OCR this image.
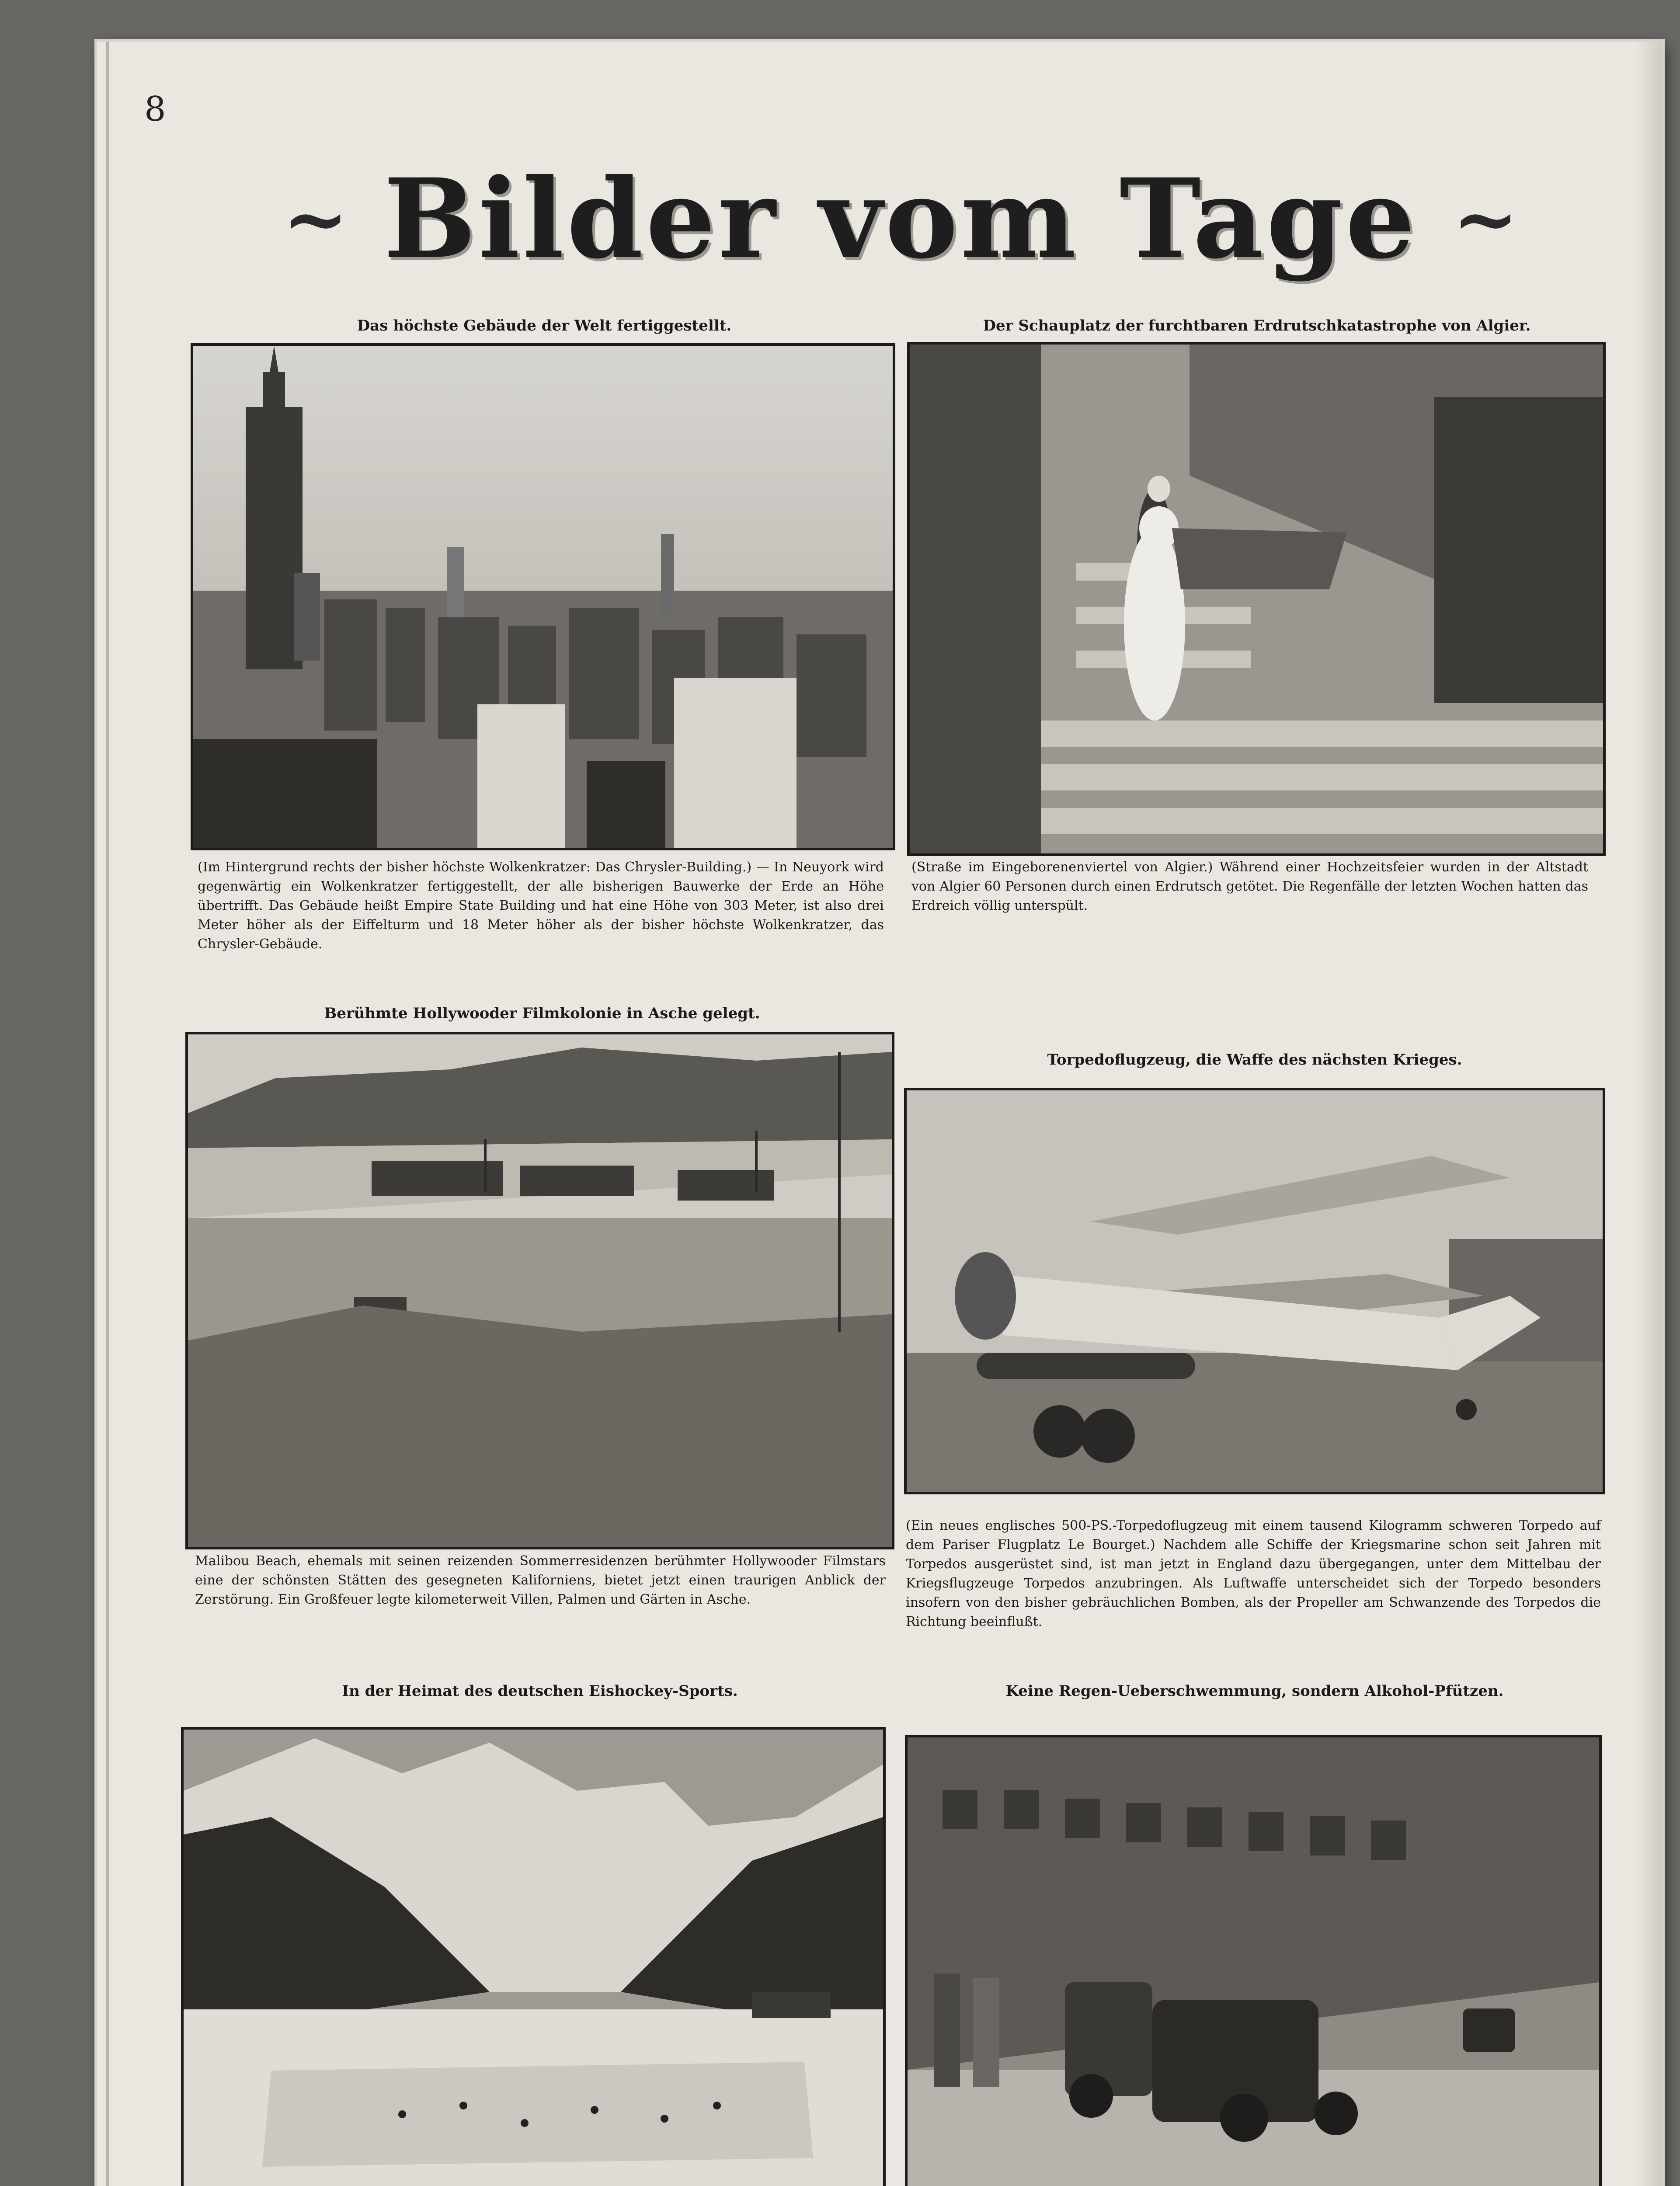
8
~ Bilder vom Tage ~
Das höchste Gebäude der Welt fertiggestellt.
(Im Hintergrund rechts der bisher höchste Wolkenkratzer: Das Chrysler-Building.) — In Neuyork wird gegenwärtig ein Wolkenkratzer fertiggestellt, der alle bisherigen Bauwerke der Erde an Höhe übertrifft. Das Gebäude heißt Empire State Building und hat eine Höhe von 303 Meter, ist also drei Meter höher als der Eiffelturm und 18 Meter höher als der bisher höchste Wolkenkratzer, das Chrysler-Gebäude.
Der Schauplatz der furchtbaren Erdrutschkatastrophe von Algier.
(Straße im Eingeborenenviertel von Algier.) Während einer Hochzeitsfeier wurden in der Altstadt von Algier 60 Personen durch einen Erdrutsch getötet. Die Regenfälle der letzten Wochen hatten das Erdreich völlig unterspült.
Berühmte Hollywooder Filmkolonie in Asche gelegt.
Malibou Beach, ehemals mit seinen reizenden Sommerresidenzen berühmter Hollywooder Filmstars eine der schönsten Stätten des gesegneten Kaliforniens, bietet jetzt einen traurigen Anblick der Zerstörung. Ein Großfeuer legte kilometerweit Villen, Palmen und Gärten in Asche.
Torpedoflugzeug, die Waffe des nächsten Krieges.
(Ein neues englisches 500-PS.-Torpedoflugzeug mit einem tausend Kilogramm schweren Torpedo auf dem Pariser Flugplatz Le Bourget.) Nachdem alle Schiffe der Kriegsmarine schon seit Jahren mit Torpedos ausgerüstet sind, ist man jetzt in England dazu übergegangen, unter dem Mittelbau der Kriegsflugzeuge Torpedos anzubringen. Als Luftwaffe unterscheidet sich der Torpedo besonders insofern von den bisher gebräuchlichen Bomben, als der Propeller am Schwanzende des Torpedos die Richtung beeinflußt.
In der Heimat des deutschen Eishockey-Sports.	Keine Regen-Ueberschwemmung, sondern Alkohol-Pfützen.
